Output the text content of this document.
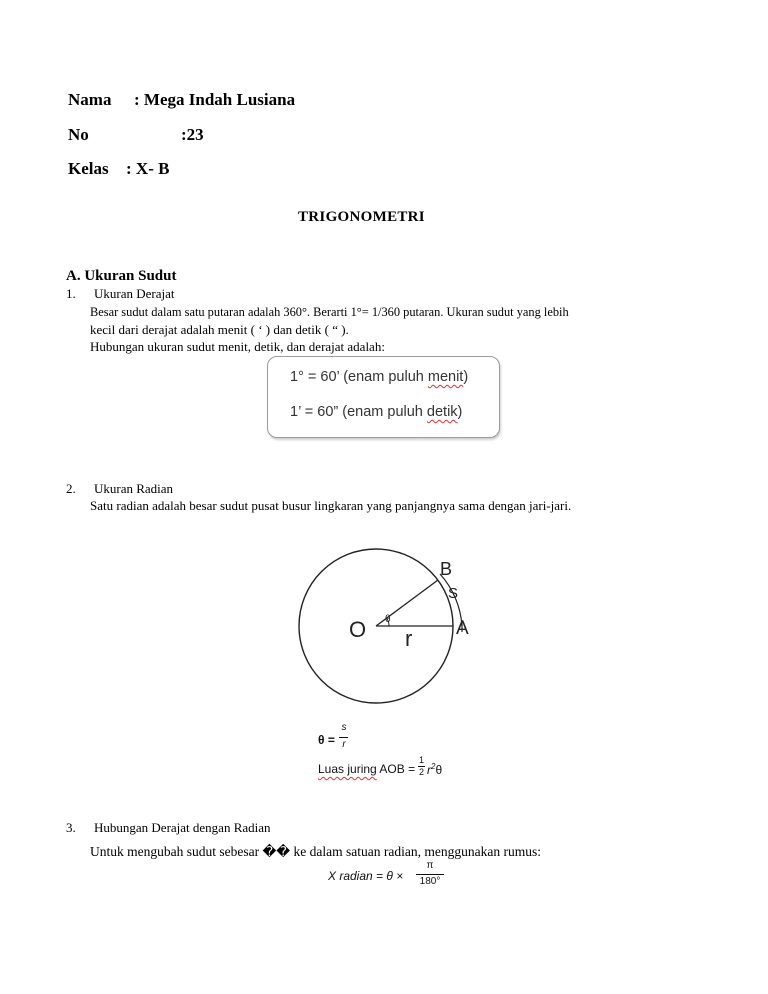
Nama : Mega Indah Lusiana
No	:23
Kelas : X- B
TRIGONOMETRI
A. Ukuran Sudut
1. Ukuran Derajat
Besar sudut dalam satu putaran adalah 360°. Berarti 1°= 1/360 putaran. Ukuran sudut yang lebih
kecil dari derajat adalah menit ( ‘ ) dan detik ( “ ).
Hubungan ukuran sudut menit, detik, dan derajat adalah:
1° = 60’ (enam puluh menit)
1’ = 60” (enam puluh detik)
2. Ukuran Radian
Satu radian adalah besar sudut pusat busur lingkaran yang panjangnya sama dengan jari-jari.
O	A
B
S
r
θ
θ =
s
r
Luas juring AOB =
1
2 $r^2\theta$
3. Hubungan Derajat dengan Radian
Untuk mengubah sudut sebesar �� ke dalam satuan radian, menggunakan rumus:
X radian = θ ×
π
180°
